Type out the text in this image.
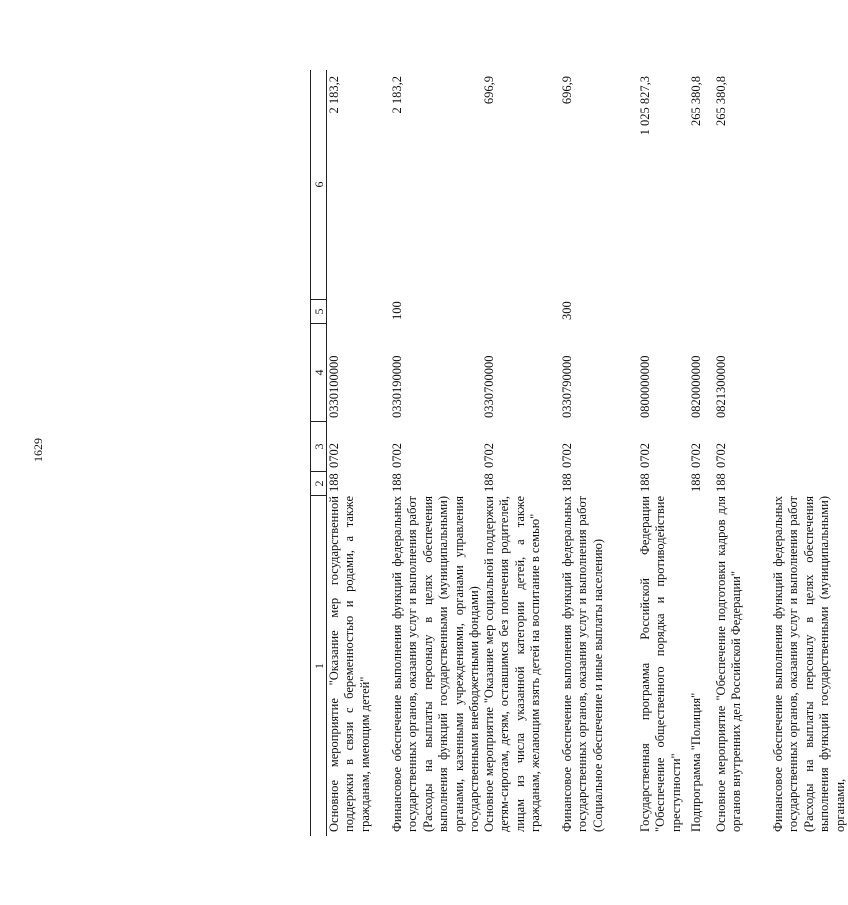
1629
1
2
3
4
5
6
Основное мероприятие "Оказание мер государственной поддержки в связи с беременностью и родами, а также гражданам, имеющим детей"
188
0702
0330100000
2 183,2
Финансовое обеспечение выполнения функций федеральных государственных органов, оказания услуг и выполнения работ (Расходы на выплаты персоналу в целях обеспечения выполнения функций государственными (муниципальными) органами, казенными учреждениями, органами управления государственными внебюджетными фондами)
188
0702
0330190000
100
2 183,2
Основное мероприятие "Оказание мер социальной поддержки детям-сиротам, детям, оставшимся без попечения родителей, лицам из числа указанной категории детей, а также гражданам, желающим взять детей на воспитание в семью"
188
0702
0330700000
696,9
Финансовое обеспечение выполнения функций федеральных государственных органов, оказания услуг и выполнения работ (Социальное обеспечение и иные выплаты населению)
188
0702
0330790000
300
696,9
Государственная программа Российской Федерации "Обеспечение общественного порядка и противодействие преступности"
188
0702
0800000000
1 025 827,3
Подпрограмма "Полиция"
188
0702
0820000000
265 380,8
Основное мероприятие "Обеспечение подготовки кадров для органов внутренних дел Российской Федерации"
188
0702
0821300000
265 380,8
Финансовое обеспечение выполнения функций федеральных государственных органов, оказания услуг и выполнения работ (Расходы на выплаты персоналу в целях обеспечения выполнения функций государственными (муниципальными) органами,
